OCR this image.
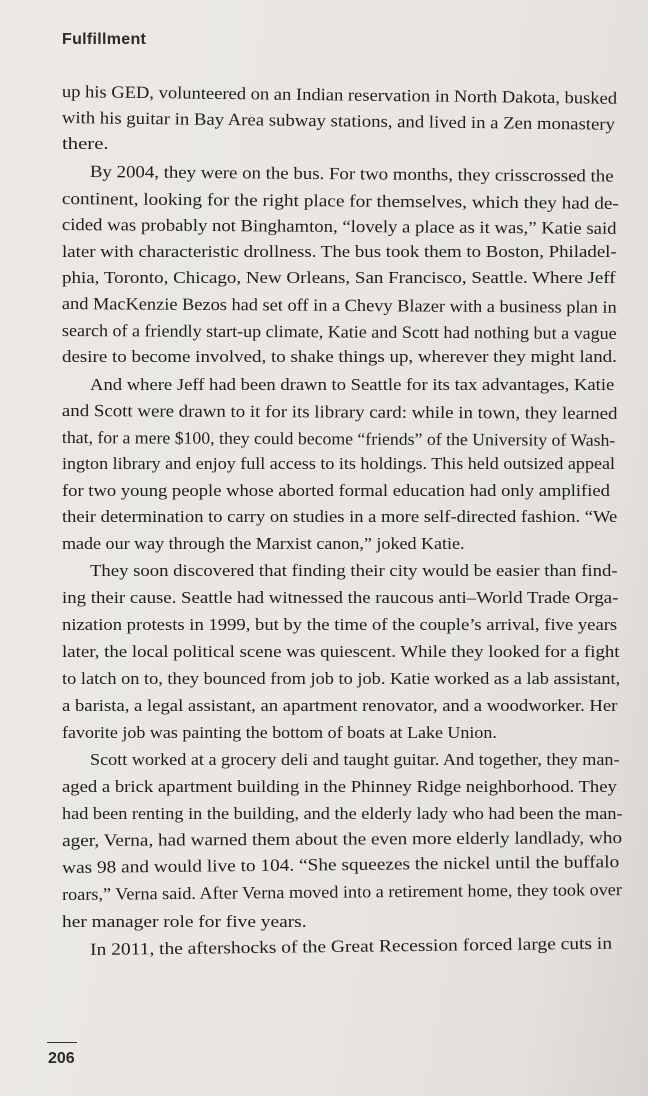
Fulfillment
up his GED, volunteered on an Indian reservation in North Dakota, busked
with his guitar in Bay Area subway stations, and lived in a Zen monastery
there.
By 2004, they were on the bus. For two months, they crisscrossed the
continent, looking for the right place for themselves, which they had de-
cided was probably not Binghamton, “lovely a place as it was,” Katie said
later with characteristic drollness. The bus took them to Boston, Philadel-
phia, Toronto, Chicago, New Orleans, San Francisco, Seattle. Where Jeff
and MacKenzie Bezos had set off in a Chevy Blazer with a business plan in
search of a friendly start-up climate, Katie and Scott had nothing but a vague
desire to become involved, to shake things up, wherever they might land.
And where Jeff had been drawn to Seattle for its tax advantages, Katie
and Scott were drawn to it for its library card: while in town, they learned
that, for a mere $100, they could become “friends” of the University of Wash-
ington library and enjoy full access to its holdings. This held outsized appeal
for two young people whose aborted formal education had only amplified
their determination to carry on studies in a more self-directed fashion. “We
made our way through the Marxist canon,” joked Katie.
They soon discovered that finding their city would be easier than find-
ing their cause. Seattle had witnessed the raucous anti–World Trade Orga-
nization protests in 1999, but by the time of the couple’s arrival, five years
later, the local political scene was quiescent. While they looked for a fight
to latch on to, they bounced from job to job. Katie worked as a lab assistant,
a barista, a legal assistant, an apartment renovator, and a woodworker. Her
favorite job was painting the bottom of boats at Lake Union.
Scott worked at a grocery deli and taught guitar. And together, they man-
aged a brick apartment building in the Phinney Ridge neighborhood. They
had been renting in the building, and the elderly lady who had been the man-
ager, Verna, had warned them about the even more elderly landlady, who
was 98 and would live to 104. “She squeezes the nickel until the buffalo
roars,” Verna said. After Verna moved into a retirement home, they took over
her manager role for five years.
In 2011, the aftershocks of the Great Recession forced large cuts in
206
